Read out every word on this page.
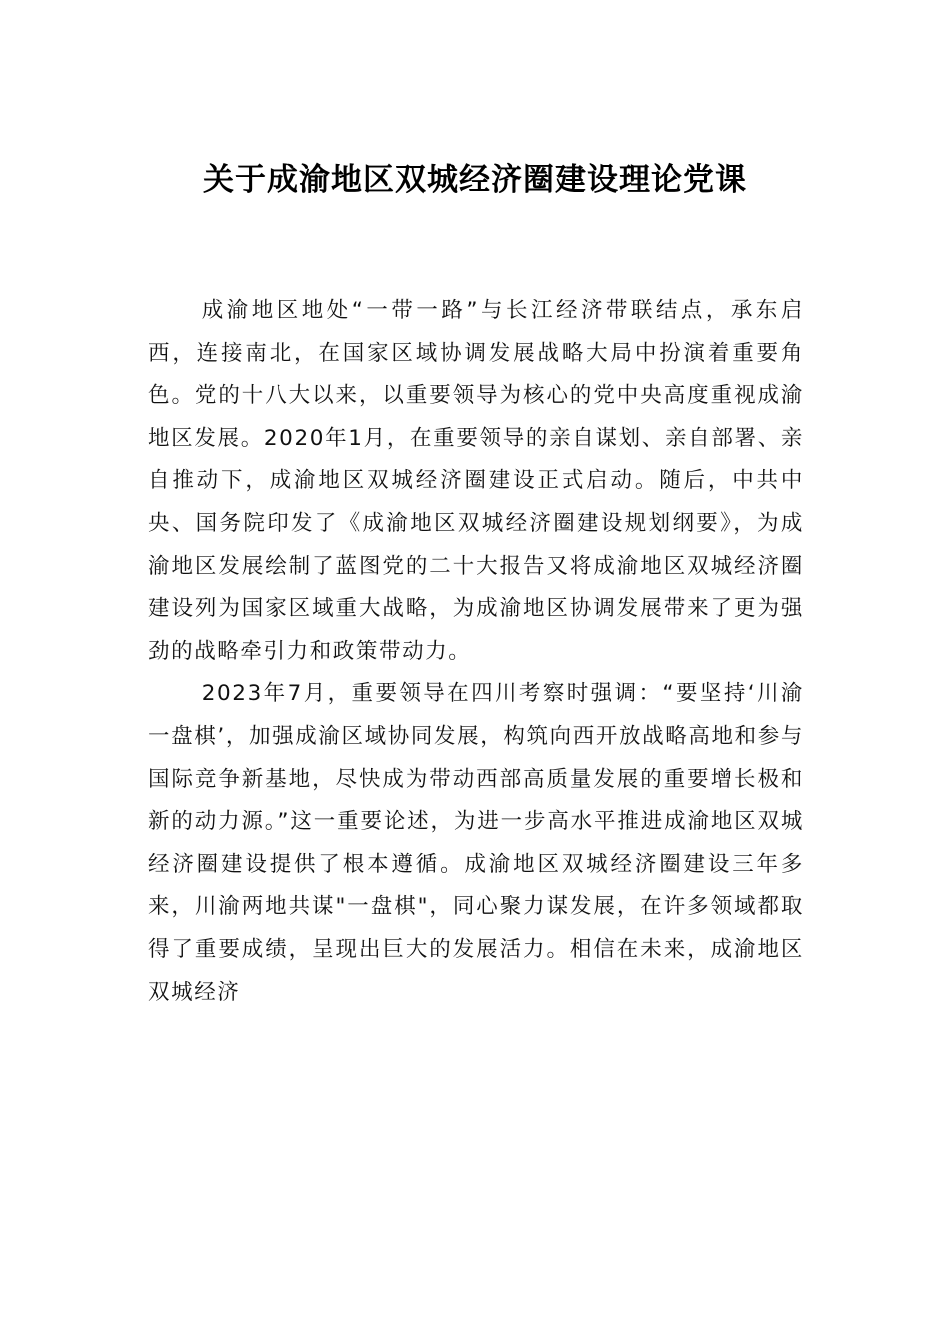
关于成渝地区双城经济圈建设理论党课

成渝地区地处“一带一路”与长江经济带联结点，承东启西，连接南北，在国家区域协调发展战略大局中扮演着重要角色。党的十八大以来，以重要领导为核心的党中央高度重视成渝地区发展。2020年1月，在重要领导的亲自谋划、亲自部署、亲自推动下，成渝地区双城经济圈建设正式启动。随后，中共中央、国务院印发了《成渝地区双城经济圈建设规划纲要》，为成渝地区发展绘制了蓝图党的二十大报告又将成渝地区双城经济圈建设列为国家区域重大战略，为成渝地区协调发展带来了更为强劲的战略牵引力和政策带动力。

2023年7月，重要领导在四川考察时强调：“要坚持‘川渝一盘棋’，加强成渝区域协同发展，构筑向西开放战略高地和参与国际竞争新基地，尽快成为带动西部高质量发展的重要增长极和新的动力源。”这一重要论述，为进一步高水平推进成渝地区双城经济圈建设提供了根本遵循。成渝地区双城经济圈建设三年多来，川渝两地共谋"一盘棋"，同心聚力谋发展，在许多领域都取得了重要成绩，呈现出巨大的发展活力。相信在未来，成渝地区双城经济
